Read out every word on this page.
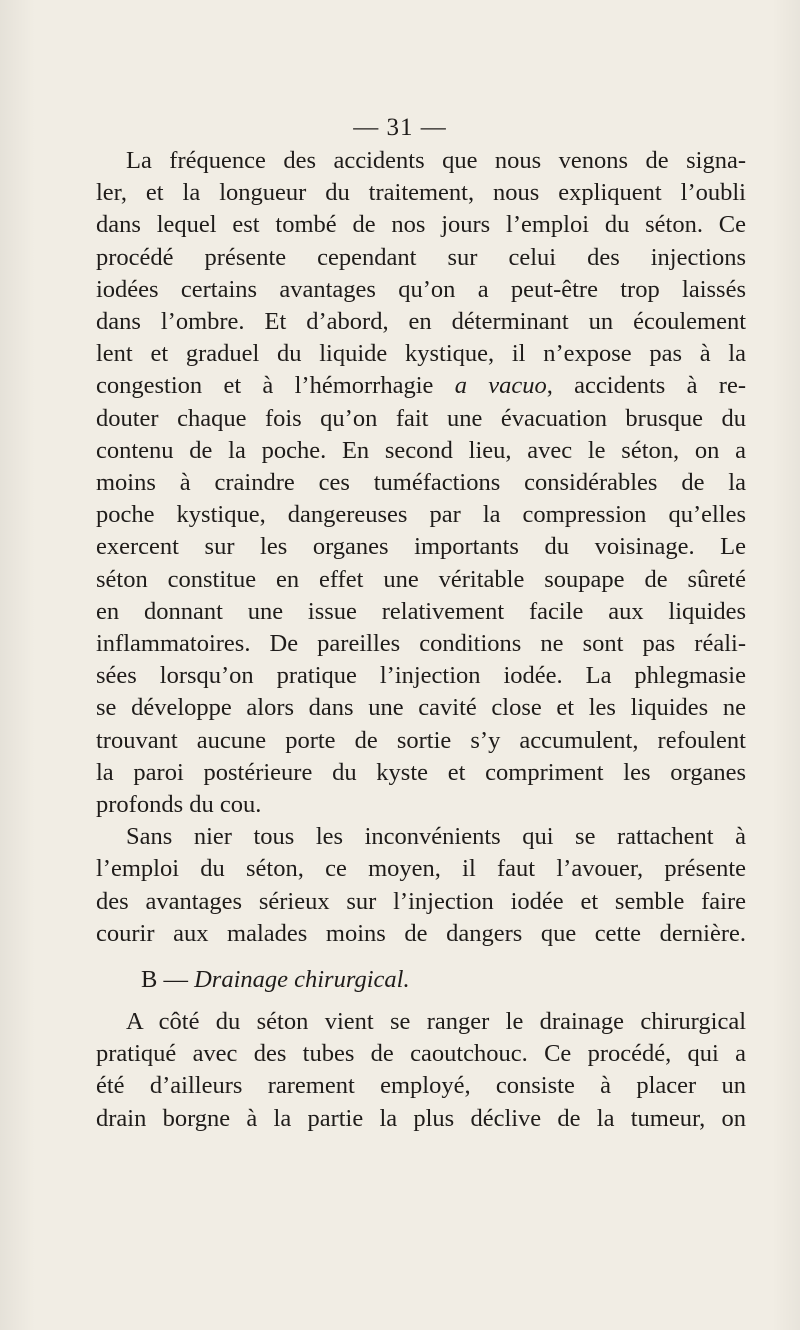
— 31 —

La fréquence des accidents que nous venons de signa-
ler, et la longueur du traitement, nous expliquent l’oubli
dans lequel est tombé de nos jours l’emploi du séton. Ce
procédé présente cependant sur celui des injections
iodées certains avantages qu’on a peut-être trop laissés
dans l’ombre. Et d’abord, en déterminant un écoulement
lent et graduel du liquide kystique, il n’expose pas à la
congestion et à l’hémorrhagie a vacuo, accidents à re-
douter chaque fois qu’on fait une évacuation brusque du
contenu de la poche. En second lieu, avec le séton, on a
moins à craindre ces tuméfactions considérables de la
poche kystique, dangereuses par la compression qu’elles
exercent sur les organes importants du voisinage. Le
séton constitue en effet une véritable soupape de sûreté
en donnant une issue relativement facile aux liquides
inflammatoires. De pareilles conditions ne sont pas réali-
sées lorsqu’on pratique l’injection iodée. La phlegmasie
se développe alors dans une cavité close et les liquides ne
trouvant aucune porte de sortie s’y accumulent, refoulent
la paroi postérieure du kyste et compriment les organes
profonds du cou.

Sans nier tous les inconvénients qui se rattachent à
l’emploi du séton, ce moyen, il faut l’avouer, présente
des avantages sérieux sur l’injection iodée et semble faire
courir aux malades moins de dangers que cette dernière.

B — Drainage chirurgical.

A côté du séton vient se ranger le drainage chirurgical
pratiqué avec des tubes de caoutchouc. Ce procédé, qui a
été d’ailleurs rarement employé, consiste à placer un
drain borgne à la partie la plus déclive de la tumeur, on
